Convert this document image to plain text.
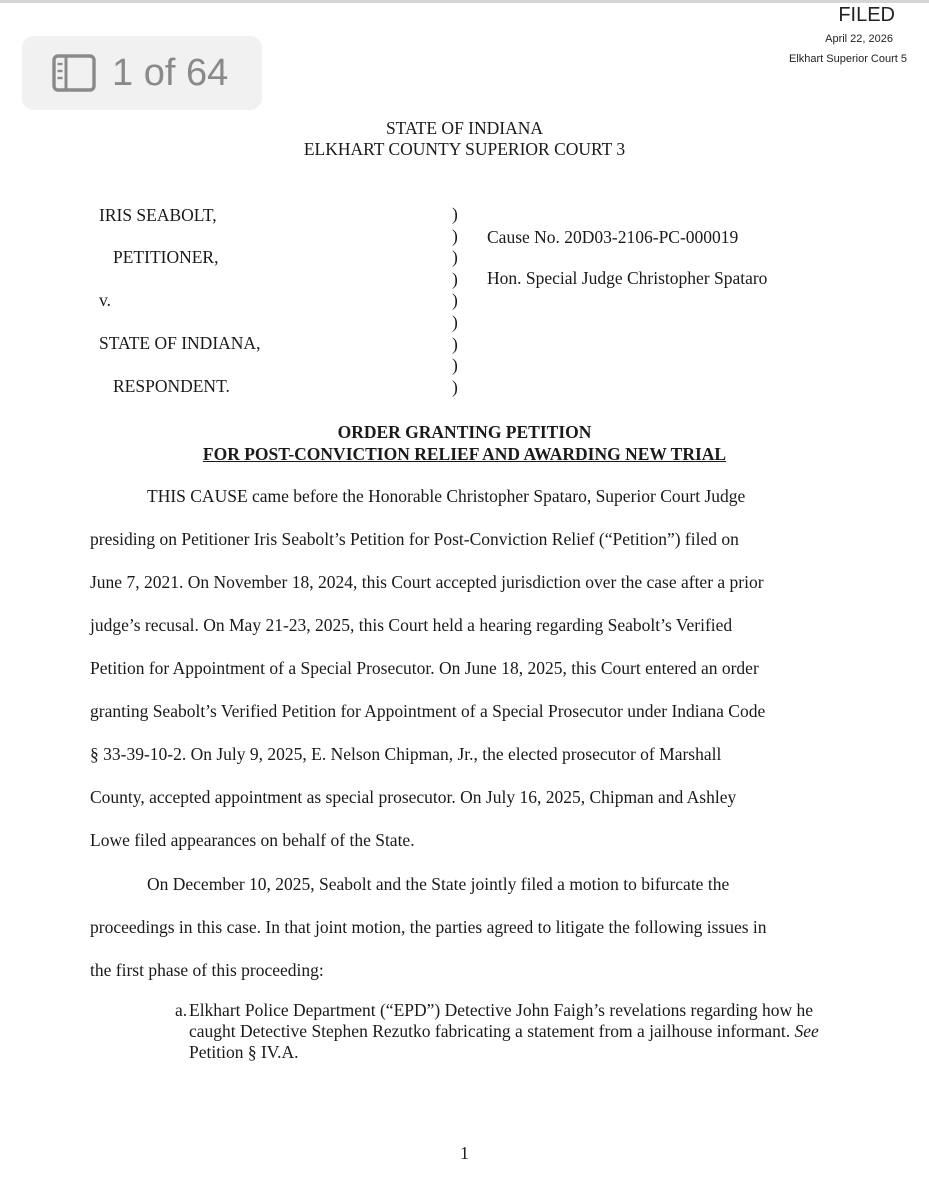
1 of 64
FILED
April 22, 2026
Elkhart Superior Court 5
STATE OF INDIANA
ELKHART COUNTY SUPERIOR COURT 3
IRIS SEABOLT,
PETITIONER,
v.
STATE OF INDIANA,
RESPONDENT.
)
)
)
)
)
)
)
)
)
Cause No. 20D03-2106-PC-000019
Hon. Special Judge Christopher Spataro
ORDER GRANTING PETITION
FOR POST-CONVICTION RELIEF AND AWARDING NEW TRIAL
THIS CAUSE came before the Honorable Christopher Spataro, Superior Court Judge
presiding on Petitioner Iris Seabolt’s Petition for Post-Conviction Relief (“Petition”) filed on
June 7, 2021. On November 18, 2024, this Court accepted jurisdiction over the case after a prior
judge’s recusal. On May 21-23, 2025, this Court held a hearing regarding Seabolt’s Verified
Petition for Appointment of a Special Prosecutor. On June 18, 2025, this Court entered an order
granting Seabolt’s Verified Petition for Appointment of a Special Prosecutor under Indiana Code
§ 33-39-10-2. On July 9, 2025, E. Nelson Chipman, Jr., the elected prosecutor of Marshall
County, accepted appointment as special prosecutor. On July 16, 2025, Chipman and Ashley
Lowe filed appearances on behalf of the State.
On December 10, 2025, Seabolt and the State jointly filed a motion to bifurcate the
proceedings in this case. In that joint motion, the parties agreed to litigate the following issues in
the first phase of this proceeding:
a. Elkhart Police Department (“EPD”) Detective John Faigh’s revelations regarding how he caught Detective Stephen Rezutko fabricating a statement from a jailhouse informant. See Petition § IV.A.
1
